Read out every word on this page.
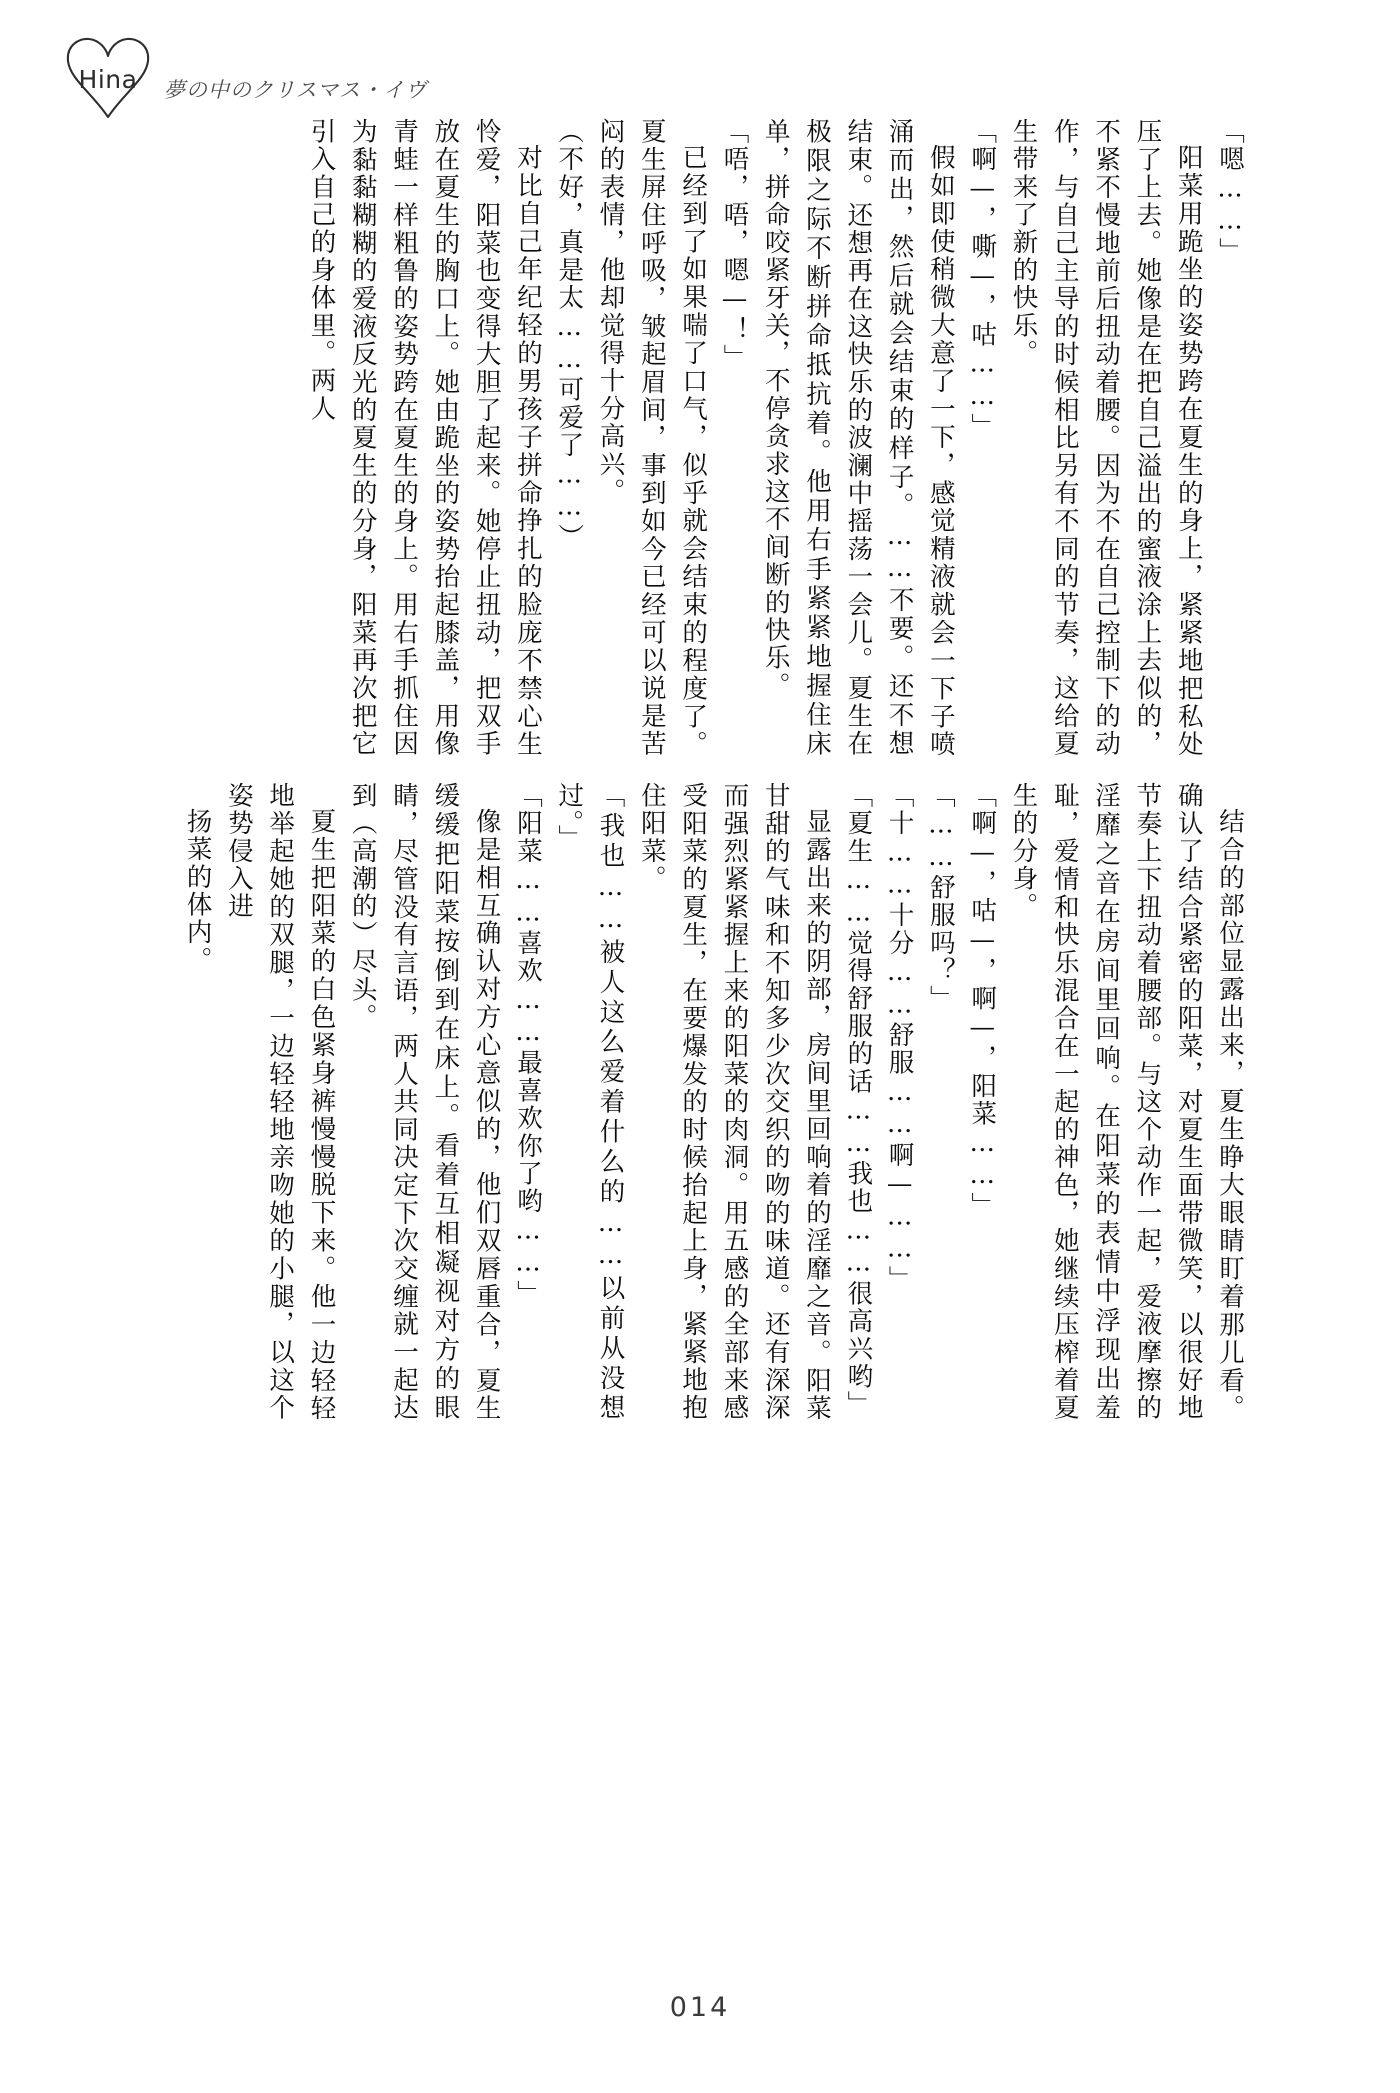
Hina	夢の中のクリスマス・イヴ

「嗯……」

阳菜用跪坐的姿势跨在夏生的身上，紧紧地把私处压了上去。她像是在把自己溢出的蜜液涂上去似的，不紧不慢地前后扭动着腰。因为不在自己控制下的动作，与自己主导的时候相比另有不同的节奏，这给夏生带来了新的快乐。

「啊—，嘶—，咕……」

假如即使稍微大意了一下，感觉精液就会一下子喷涌而出，然后就会结束的样子。……不要。还不想结束。还想再在这快乐的波澜中摇荡一会儿。夏生在极限之际不断拼命抵抗着。他用右手紧紧地握住床单，拼命咬紧牙关，不停贪求这不间断的快乐。

「唔，唔，嗯—！」

已经到了如果喘了口气，似乎就会结束的程度了。夏生屏住呼吸，皱起眉间，事到如今已经可以说是苦闷的表情，他却觉得十分高兴。

（不好，真是太……可爱了……）

对比自己年纪轻的男孩子拼命挣扎的脸庞不禁心生怜爱，阳菜也变得大胆了起来。她停止扭动，把双手放在夏生的胸口上。她由跪坐的姿势抬起膝盖，用像青蛙一样粗鲁的姿势跨在夏生的身上。用右手抓住因为黏黏糊糊的爱液反光的夏生的分身，阳菜再次把它引入自己的身体里。两人

结合的部位显露出来，夏生睁大眼睛盯着那儿看。确认了结合紧密的阳菜，对夏生面带微笑，以很好地节奏上下扭动着腰部。与这个动作一起，爱液摩擦的淫靡之音在房间里回响。在阳菜的表情中浮现出羞耻，爱情和快乐混合在一起的神色，她继续压榨着夏生的分身。

「啊—，咕—，啊—，阳菜……」

「……舒服吗？」

「十……十分……舒服……啊—……」

「夏生……觉得舒服的话……我也……很高兴哟」

显露出来的阴部，房间里回响着的淫靡之音。阳菜甘甜的气味和不知多少次交织的吻的味道。还有深深而强烈紧紧握上来的阳菜的肉洞。用五感的全部来感受阳菜的夏生，在要爆发的时候抬起上身，紧紧地抱住阳菜。

「我也……被人这么爱着什么的……以前从没想过。」

「阳菜……喜欢……最喜欢你了哟……」

像是相互确认对方心意似的，他们双唇重合，夏生缓缓把阳菜按倒到在床上。看着互相凝视对方的眼睛，尽管没有言语，两人共同决定下次交缠就一起达到（高潮的）尽头。

夏生把阳菜的白色紧身裤慢慢脱下来。他一边轻轻地举起她的双腿，一边轻轻地亲吻她的小腿，以这个姿势侵入进

扬菜的体内。

014
